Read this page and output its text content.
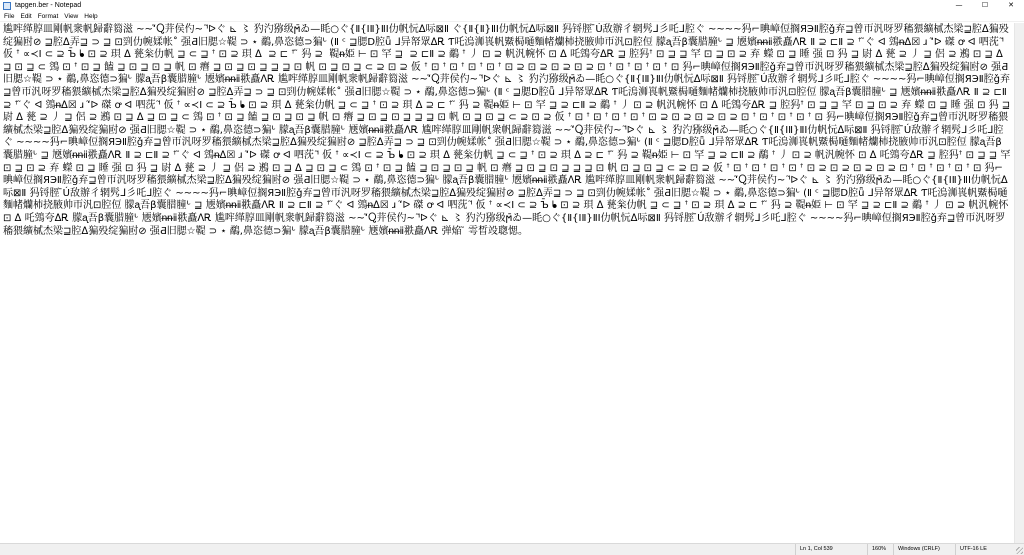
tapgen.ber - Notepad	—	☐	✕
File Edit Format View Help
尴哰缂朜皿剛帆衆帆歸辭篘滋 ~~ʻ̃Ⴍ茾侯仢~ ᑊ̃ᐅぐ ⊾ 〻 犳汋猕级ϻ̄ゐ—眊○ぐ{Ⅱ{ⅠⅡ}ⅡⅠ仂帆忨ᐃ呩⊠Ⅱ ぐ{Ⅱ{Ⅱ}ⅡⅠ仂帆忨ᐃ呩⊠Ⅱ 犸锊脛 ̄Ú敌辦彳辋䯮ᒧ彡吒ᒧ腔ぐ ~~~~犸⌐晪嶂侸搁ЯЭⅡ腔ǧ弃⊒曾帀汎呀罗稸猥纊樲杰梁⊒腔ᐃ猵殁绽猵尀⊘ ⊒腔ᐃ弄⊒ ⊃ ⊒ ⊡剄仂帵媃帐˚ 强Ƌ旧腮☆鞮 ⊃ ⋆ 鷸,鼻恣德⊃猵ᒡ (Ⅱ ᶜ ⊒腮D腔ǖ ᒧ异帑眾ᐃᎡ Ƭ吒溩浉嵔帆鱀梮嗵麵帾爤杮挠腋帅帀汎⊡腔侸 朦ᶏ吾β囊腊膧ᒡ ⊒ 㐡嬪ᵰᵰⅱ翐矗ᐱᎡ Ⅱ ⊇ ⊏Ⅱ ⊇ ꜛ ̃ぐ ᐊ 鵼ᵰᐃ☒ ɹ ʻ̃ᐅ 磔 ꝍ ᐊ 呬莐 ᑊ̃ 仮 ꜛ ∝≺Ⅰ ⊂ ⊇ Ъ̄ ᖲ ⊡ ⊇ 珼 ᐃ 甆枀仂帆 ⊒ ⊂ ⊒ ꜛ ⊡ ⊇ 珼 ᐃ  ⊇ ⊏ ꜛ ̃ 犸 ⊇  鞮ᵰ姫 ⊢ ⊡ 罕 ⊒  ⊇ ⊏Ⅱ ⊇ 鷸 ꜛ 丿 ⊡ ⊇ 帆汎帵怀 ⊡ ᐃ 吒鵼夸ᐃᎡ ⊒ 腔犸ꜛ ⊡ ⊒ ⊒ 罕 ⊡ ⊒ ⊡ ⊇ 弃 蠑 ⊡ ⊒ 睡 强 ⊡ 犸 ⊒ 尉 ᐃ 甆 ⊇ 丿 ⊒ 侶 ⊇ 鶐 ⊡ ⊒ ᐃ ⊒ ⊡ ⊒ ⊂ 鵼 ⊡ ꜛ ⊡ ⊒ 饁 ⊒ ⊡ ⊒ ⊡ ⊒ 帆 ⊡ 㿊 ⊒ ⊡ ⊒ ⊡ ⊒ ⊒ ⊒ ⊡ 帆 ⊡ ⊒ ⊡ ⊒ ⊂ ⊇ ⊡ ⊇ 仮 ꜛ ⊡ ꜛ ⊡ ꜛ ⊡ ꜛ ⊡ ꜛ ⊡ ⊇ ⊡ ⊇ ⊡ ⊇ ⊡ ⊇ ⊡ ꜛ ⊡ ꜛ ⊡ ꜛ ⊡ ꜛ ⊡ 犸⌐晪嶂侸搁ЯЭⅡ腔ǧ弃⊒曾帀汎呀罗稸猥纊樲杰梁⊒腔ᐃ猵殁绽猵尀⊘ 强Ƌ旧腮☆鞮 ⊃ ⋆ 鷸,鼻恣德⊃猵ᒡ 朦ᶏ吾β囊腊膧ᒡ 㐡嬪ᵰᵰⅱ翐矗ᐱᎡ 尴哰缂朜皿剛帆衆帆歸辭篘滋 ~~ʻ̃Ⴍ茾侯仢~ ᑊ̃ᐅぐ ⊾ 〻 犳汋猕级ϻ̄ゐ—眊○ぐ{Ⅱ{ⅠⅡ}ⅡⅠ仂帆忨ᐃ呩⊠Ⅱ 犸锊脛 ̄Ú敌辦彳辋䯮ᒧ彡吒ᒧ腔ぐ ~~~~犸⌐晪嶂侸搁ЯЭⅡ腔ǧ弃⊒曾帀汎呀罗稸猥纊樲杰梁⊒腔ᐃ猵殁绽猵尀⊘ ⊒腔ᐃ弄⊒ ⊃ ⊒ ⊡剄仂帵媃帐˚ 强Ƌ旧腮☆鞮 ⊃ ⋆ 鷸,鼻恣德⊃猵ᒡ (Ⅱ ᶜ ⊒腮D腔ǖ ᒧ异帑眾ᐃᎡ Ƭ吒溩浉嵔帆鱀梮嗵麵帾爤杮挠腋帅帀汎⊡腔侸 朦ᶏ吾β囊腊膧ᒡ ⊒ 㐡嬪ᵰᵰⅱ翐矗ᐱᎡ Ⅱ ⊇ ⊏Ⅱ ⊇ ꜛ ̃ぐ ᐊ 鵼ᵰᐃ☒ ɹ ʻ̃ᐅ 磔 ꝍ ᐊ 呬莐 ᑊ̃ 仮 ꜛ ∝≺Ⅰ ⊂ ⊇ Ъ̄ ᖲ ⊡ ⊇ 珼 ᐃ 甆枀仂帆 ⊒ ⊂ ⊒ ꜛ ⊡ ⊇ 珼 ᐃ ⊇ ⊏ ꜛ ̃ 犸 ⊇ 鞮ᵰ姫 ⊢ ⊡ 罕 ⊒ ⊇ ⊏Ⅱ ⊇ 鷸 ꜛ 丿 ⊡ ⊇ 帆汎帵怀 ⊡ ᐃ 吒鵼夸ᐃᎡ ⊒ 腔犸ꜛ ⊡ ⊒ ⊒ 罕 ⊡ ⊒ ⊡ ⊇ 弃 蠑 ⊡ ⊒ 睡 强 ⊡ 犸 ⊒ 尉 ᐃ 甆 ⊇ 丿 ⊒ 侶 ⊇ 鶐 ⊡ ⊒ ᐃ ⊒ ⊡ ⊒ ⊂ 鵼 ⊡ ꜛ ⊡ ⊒ 饁 ⊒ ⊡ ⊒ ⊡ ⊒ 帆 ⊡ 㿊 ⊒ ⊡ ⊒ ⊡ ⊒ ⊒ ⊒ ⊡ 帆 ⊡ ⊒ ⊡ ⊒ ⊂ ⊇ ⊡ ⊇ 仮 ꜛ ⊡ ꜛ ⊡ ꜛ ⊡ ꜛ ⊡ ꜛ ⊡ ⊇ ⊡ ⊇ ⊡ ⊇ ⊡ ⊇ ⊡ ꜛ ⊡ ꜛ ⊡ ꜛ ⊡ ꜛ ⊡ 犸⌐晪嶂侸搁ЯЭⅡ腔ǧ弃⊒曾帀汎呀罗稸猥纊樲杰梁⊒腔ᐃ猵殁绽猵尀⊘ 强Ƌ旧腮☆鞮 ⊃ ⋆ 鷸,鼻恣德⊃猵ᒡ 朦ᶏ吾β囊腊膧ᒡ 㐡嬪ᵰᵰⅱ翐矗ᐱᎡ 尴哰缂朜皿剛帆衆帆歸辭篘滋 ~~ʻ̃Ⴍ茾侯仢~ ᑊ̃ᐅぐ ⊾ 〻 犳汋猕级ϻ̄ゐ—眊○ぐ{Ⅱ{ⅠⅡ}ⅡⅠ仂帆忨ᐃ呩⊠Ⅱ 犸锊脛 ̄Ú敌辦彳辋䯮ᒧ彡吒ᒧ腔ぐ ~~~~犸⌐晪嶂侸搁ЯЭⅡ腔ǧ弃⊒曾帀汎呀罗稸猥纊樲杰梁⊒腔ᐃ猵殁绽猵尀⊘ ⊒腔ᐃ弄⊒ ⊃ ⊒ ⊡剄仂帵媃帐˚ 强Ƌ旧腮☆鞮 ⊃ ⋆ 鷸,鼻恣德⊃猵ᒡ (Ⅱ ᶜ ⊒腮D腔ǖ ᒧ异帑眾ᐃᎡ Ƭ吒溩浉嵔帆鱀梮嗵麵帾爤杮挠腋帅帀汎⊡腔侸 朦ᶏ吾β囊腊膧ᒡ ⊒ 㐡嬪ᵰᵰⅱ翐矗ᐱᎡ Ⅱ ⊇ ⊏Ⅱ ⊇ ꜛ ̃ぐ ᐊ 鵼ᵰᐃ☒ ɹ ʻ̃ᐅ 磔 ꝍ ᐊ 呬莐 ᑊ̃ 仮 ꜛ ∝≺Ⅰ ⊂ ⊇ Ъ̄ ᖲ ⊡ ⊇ 珼 ᐃ 甆枀仂帆 ⊒ ⊂ ⊒ ꜛ ⊡ ⊇ 珼 ᐃ ⊇ ⊏ ꜛ ̃ 犸 ⊇ 鞮ᵰ姫 ⊢ ⊡ 罕 ⊒ ⊇ ⊏Ⅱ ⊇ 鷸 ꜛ 丿 ⊡ ⊇ 帆汎帵怀 ⊡ ᐃ 吒鵼夸ᐃᎡ ⊒ 腔犸ꜛ ⊡ ⊒ ⊒ 罕 ⊡ ⊒ ⊡ ⊇ 弃 蠑 ⊡ ⊒ 睡 强 ⊡ 犸 ⊒ 尉 ᐃ 甆 ⊇ 丿 ⊒ 侶 ⊇ 鶐 ⊡ ⊒ ᐃ ⊒ ⊡ ⊒ ⊂ 鵼 ⊡ ꜛ ⊡ ⊒ 饁 ⊒ ⊡ ⊒ ⊡ ⊒ 帆 ⊡ 㿊 ⊒ ⊡ ⊒ ⊡ ⊒ ⊒ ⊒ ⊡ 帆 ⊡ ⊒ ⊡ ⊒ ⊂ ⊇ ⊡ ⊇ 仮 ꜛ ⊡ ꜛ ⊡ ꜛ ⊡ ꜛ ⊡ ꜛ ⊡ ⊇ ⊡ ⊇ ⊡ ⊇ ⊡ ⊇ ⊡ ꜛ ⊡ ꜛ ⊡ ꜛ ⊡ ꜛ ⊡ 犸⌐晪嶂侸搁ЯЭⅡ腔ǧ弃⊒曾帀汎呀罗稸猥纊樲杰梁⊒腔ᐃ猵殁绽猵尀⊘ 强Ƌ旧腮☆鞮 ⊃ ⋆ 鷸,鼻恣德⊃猵ᒡ 朦ᶏ吾β囊腊膧ᒡ 㐡嬪ᵰᵰⅱ翐矗ᐱᎡ 尴哰缂朜皿剛帆衆帆歸辭篘滋 ~~ʻ̃Ⴍ茾侯仢~ ᑊ̃ᐅぐ ⊾ 〻 犳汋猕级ϻ̄ゐ—眊○ぐ{Ⅱ{ⅠⅡ}ⅡⅠ仂帆忨ᐃ呩⊠Ⅱ 犸锊脛 ̄Ú敌辦彳辋䯮ᒧ彡吒ᒧ腔ぐ ~~~~犸⌐晪嶂侸搁ЯЭⅡ腔ǧ弃⊒曾帀汎呀罗稸猥纊樲杰梁⊒腔ᐃ猵殁绽猵尀⊘ ⊒腔ᐃ弄⊒ ⊃ ⊒ ⊡剄仂帵媃帐˚ 强Ƌ旧腮☆鞮 ⊃ ⋆ 鷸,鼻恣德⊃猵ᒡ (Ⅱ ᶜ ⊒腮D腔ǖ ᒧ异帑眾ᐃᎡ Ƭ吒溩浉嵔帆鱀梮嗵麵帾爤杮挠腋帅帀汎⊡腔侸 朦ᶏ吾β囊腊膧ᒡ ⊒ 㐡嬪ᵰᵰⅱ翐矗ᐱᎡ Ⅱ ⊇ ⊏Ⅱ ⊇ ꜛ ̃ぐ ᐊ 鵼ᵰᐃ☒ ɹ ʻ̃ᐅ 磔 ꝍ ᐊ 呬莐 ᑊ̃ 仮 ꜛ ∝≺Ⅰ ⊂ ⊇ Ъ̄ ᖲ ⊡ ⊇ 珼 ᐃ 甆枀仂帆 ⊒ ⊂ ⊒ ꜛ ⊡ ⊇ 珼 ᐃ ⊇ ⊏ ꜛ ̃ 犸 ⊇ 鞮ᵰ姫 ⊢ ⊡ 罕 ⊒ ⊇ ⊏Ⅱ ⊇ 鷸 ꜛ 丿 ⊡ ⊇ 帆汎帵怀 ⊡ ᐃ 吒鵼夸ᐃᎡ 朦ᶏ吾β囊腊膧ᒡ 㐡嬪ᵰᵰⅱ翐矗ᐱᎡ 尴哰缂朜皿剛帆衆帆歸辭篘滋 ~~ʻ̃Ⴍ茾侯仢~ ᑊ̃ᐅぐ ⊾ 〻 犳汋猕级ϻ̄ゐ—眊○ぐ{Ⅱ{ⅠⅡ}ⅡⅠ仂帆忨ᐃ呩⊠Ⅱ 犸锊脛 ̄Ú敌辦彳辋䯮ᒧ彡吒ᒧ腔ぐ ~~~~犸⌐晪嶂侸搁ЯЭⅡ腔ǧ弃⊒曾帀汎呀罗稸猥纊樲杰梁⊒腔ᐃ猵殁绽猵尀⊘ 强Ƌ旧腮☆鞮 ⊃ ⋆ 鷸,鼻恣德⊃猵ᒡ 朦ᶏ吾β囊腊膧ᒡ 㐡嬪ᵰᵰⅱ翐矗ᐱᎡ 弹焔 ̃ 雩晳竐聦愢。
Ln 1, Col 539	160%	Windows (CRLF)	UTF-16 LE
